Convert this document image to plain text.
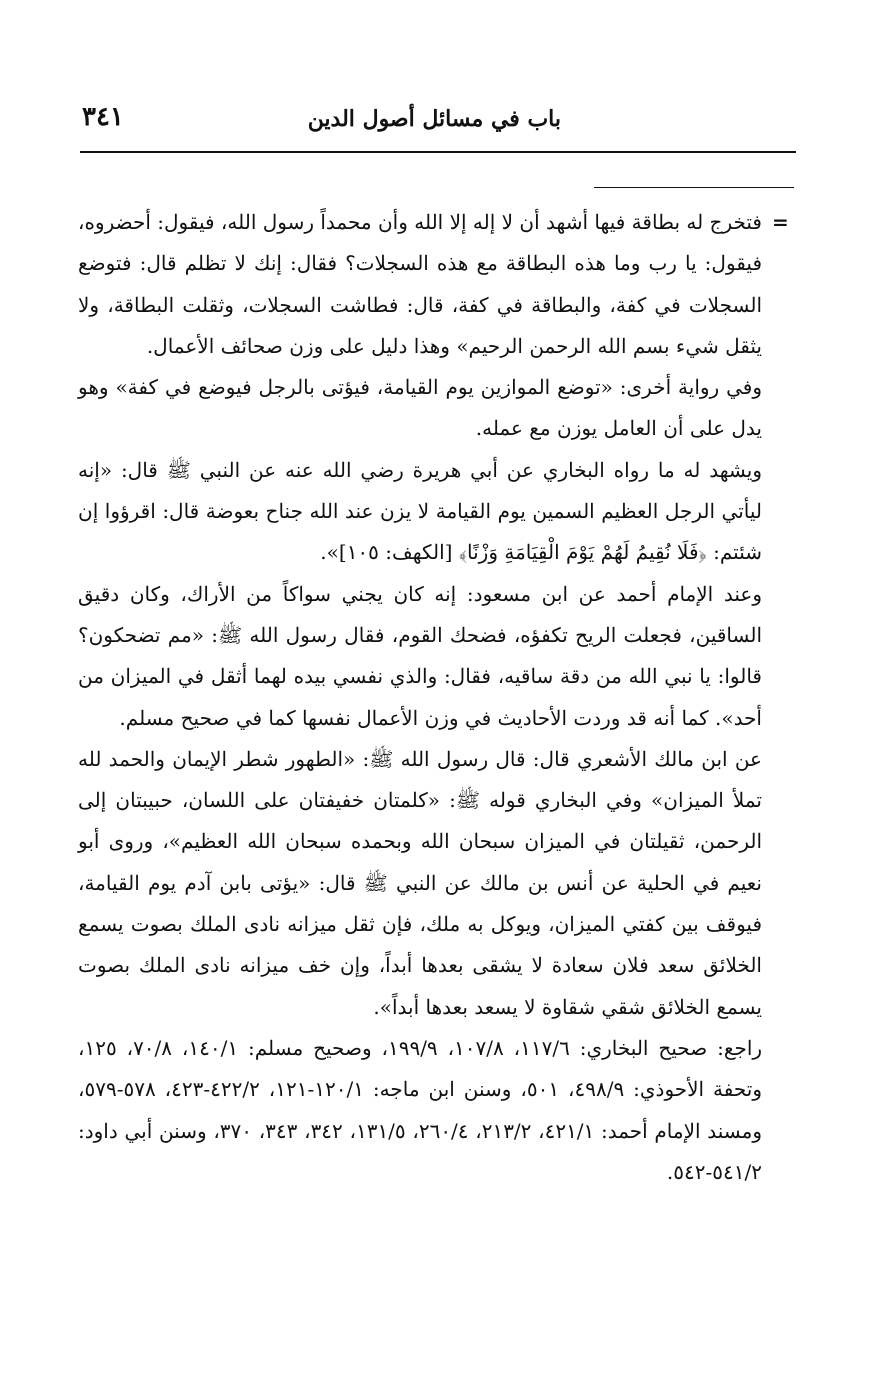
باب في مسائل أصول الدين
٣٤١
=

فتخرج له بطاقة فيها أشهد أن لا إله إلا الله وأن محمداً رسول الله، فيقول: أحضروه، فيقول: يا رب وما هذه البطاقة مع هذه السجلات؟ فقال: إنك لا تظلم قال: فتوضع السجلات في كفة، والبطاقة في كفة، قال: فطاشت السجلات، وثقلت البطاقة، ولا يثقل شيء بسم الله الرحمن الرحيم» وهذا دليل على وزن صحائف الأعمال.

وفي رواية أخرى: «توضع الموازين يوم القيامة، فيؤتى بالرجل فيوضع في كفة» وهو يدل على أن العامل يوزن مع عمله.

ويشهد له ما رواه البخاري عن أبي هريرة رضي الله عنه عن النبي ﷺ قال: «إنه ليأتي الرجل العظيم السمين يوم القيامة لا يزن عند الله جناح بعوضة قال: اقرؤوا إن شئتم: ﴿فَلَا نُقِيمُ لَهُمْ يَوْمَ الْقِيَامَةِ وَزْنًا﴾ [الكهف: ١٠٥]».

وعند الإمام أحمد عن ابن مسعود: إنه كان يجني سواكاً من الأراك، وكان دقيق الساقين، فجعلت الريح تكفؤه، فضحك القوم، فقال رسول الله ﷺ: «مم تضحكون؟ قالوا: يا نبي الله من دقة ساقيه، فقال: والذي نفسي بيده لهما أثقل في الميزان من أحد». كما أنه قد وردت الأحاديث في وزن الأعمال نفسها كما في صحيح مسلم.

عن ابن مالك الأشعري قال: قال رسول الله ﷺ: «الطهور شطر الإيمان والحمد لله تملأ الميزان» وفي البخاري قوله ﷺ: «كلمتان خفيفتان على اللسان، حبيبتان إلى الرحمن، ثقيلتان في الميزان سبحان الله وبحمده سبحان الله العظيم»، وروى أبو نعيم في الحلية عن أنس بن مالك عن النبي ﷺ قال: «يؤتى بابن آدم يوم القيامة، فيوقف بين كفتي الميزان، ويوكل به ملك، فإن ثقل ميزانه نادى الملك بصوت يسمع الخلائق سعد فلان سعادة لا يشقى بعدها أبداً، وإن خف ميزانه نادى الملك بصوت يسمع الخلائق شقي شقاوة لا يسعد بعدها أبداً».

راجع: صحيح البخاري: ١١٧/٦، ١٠٧/٨، ١٩٩/٩، وصحيح مسلم: ١٤٠/١، ٧٠/٨، ١٢٥، وتحفة الأحوذي: ٤٩٨/٩، ٥٠١، وسنن ابن ماجه: ١٢٠/١-١٢١، ٤٢٢/٢-٤٢٣، ٥٧٨-٥٧٩، ومسند الإمام أحمد: ٤٢١/١، ٢١٣/٢، ٢٦٠/٤، ١٣١/٥، ٣٤٢، ٣٤٣، ٣٧٠، وسنن أبي داود: ٥٤١/٢-٥٤٢.
